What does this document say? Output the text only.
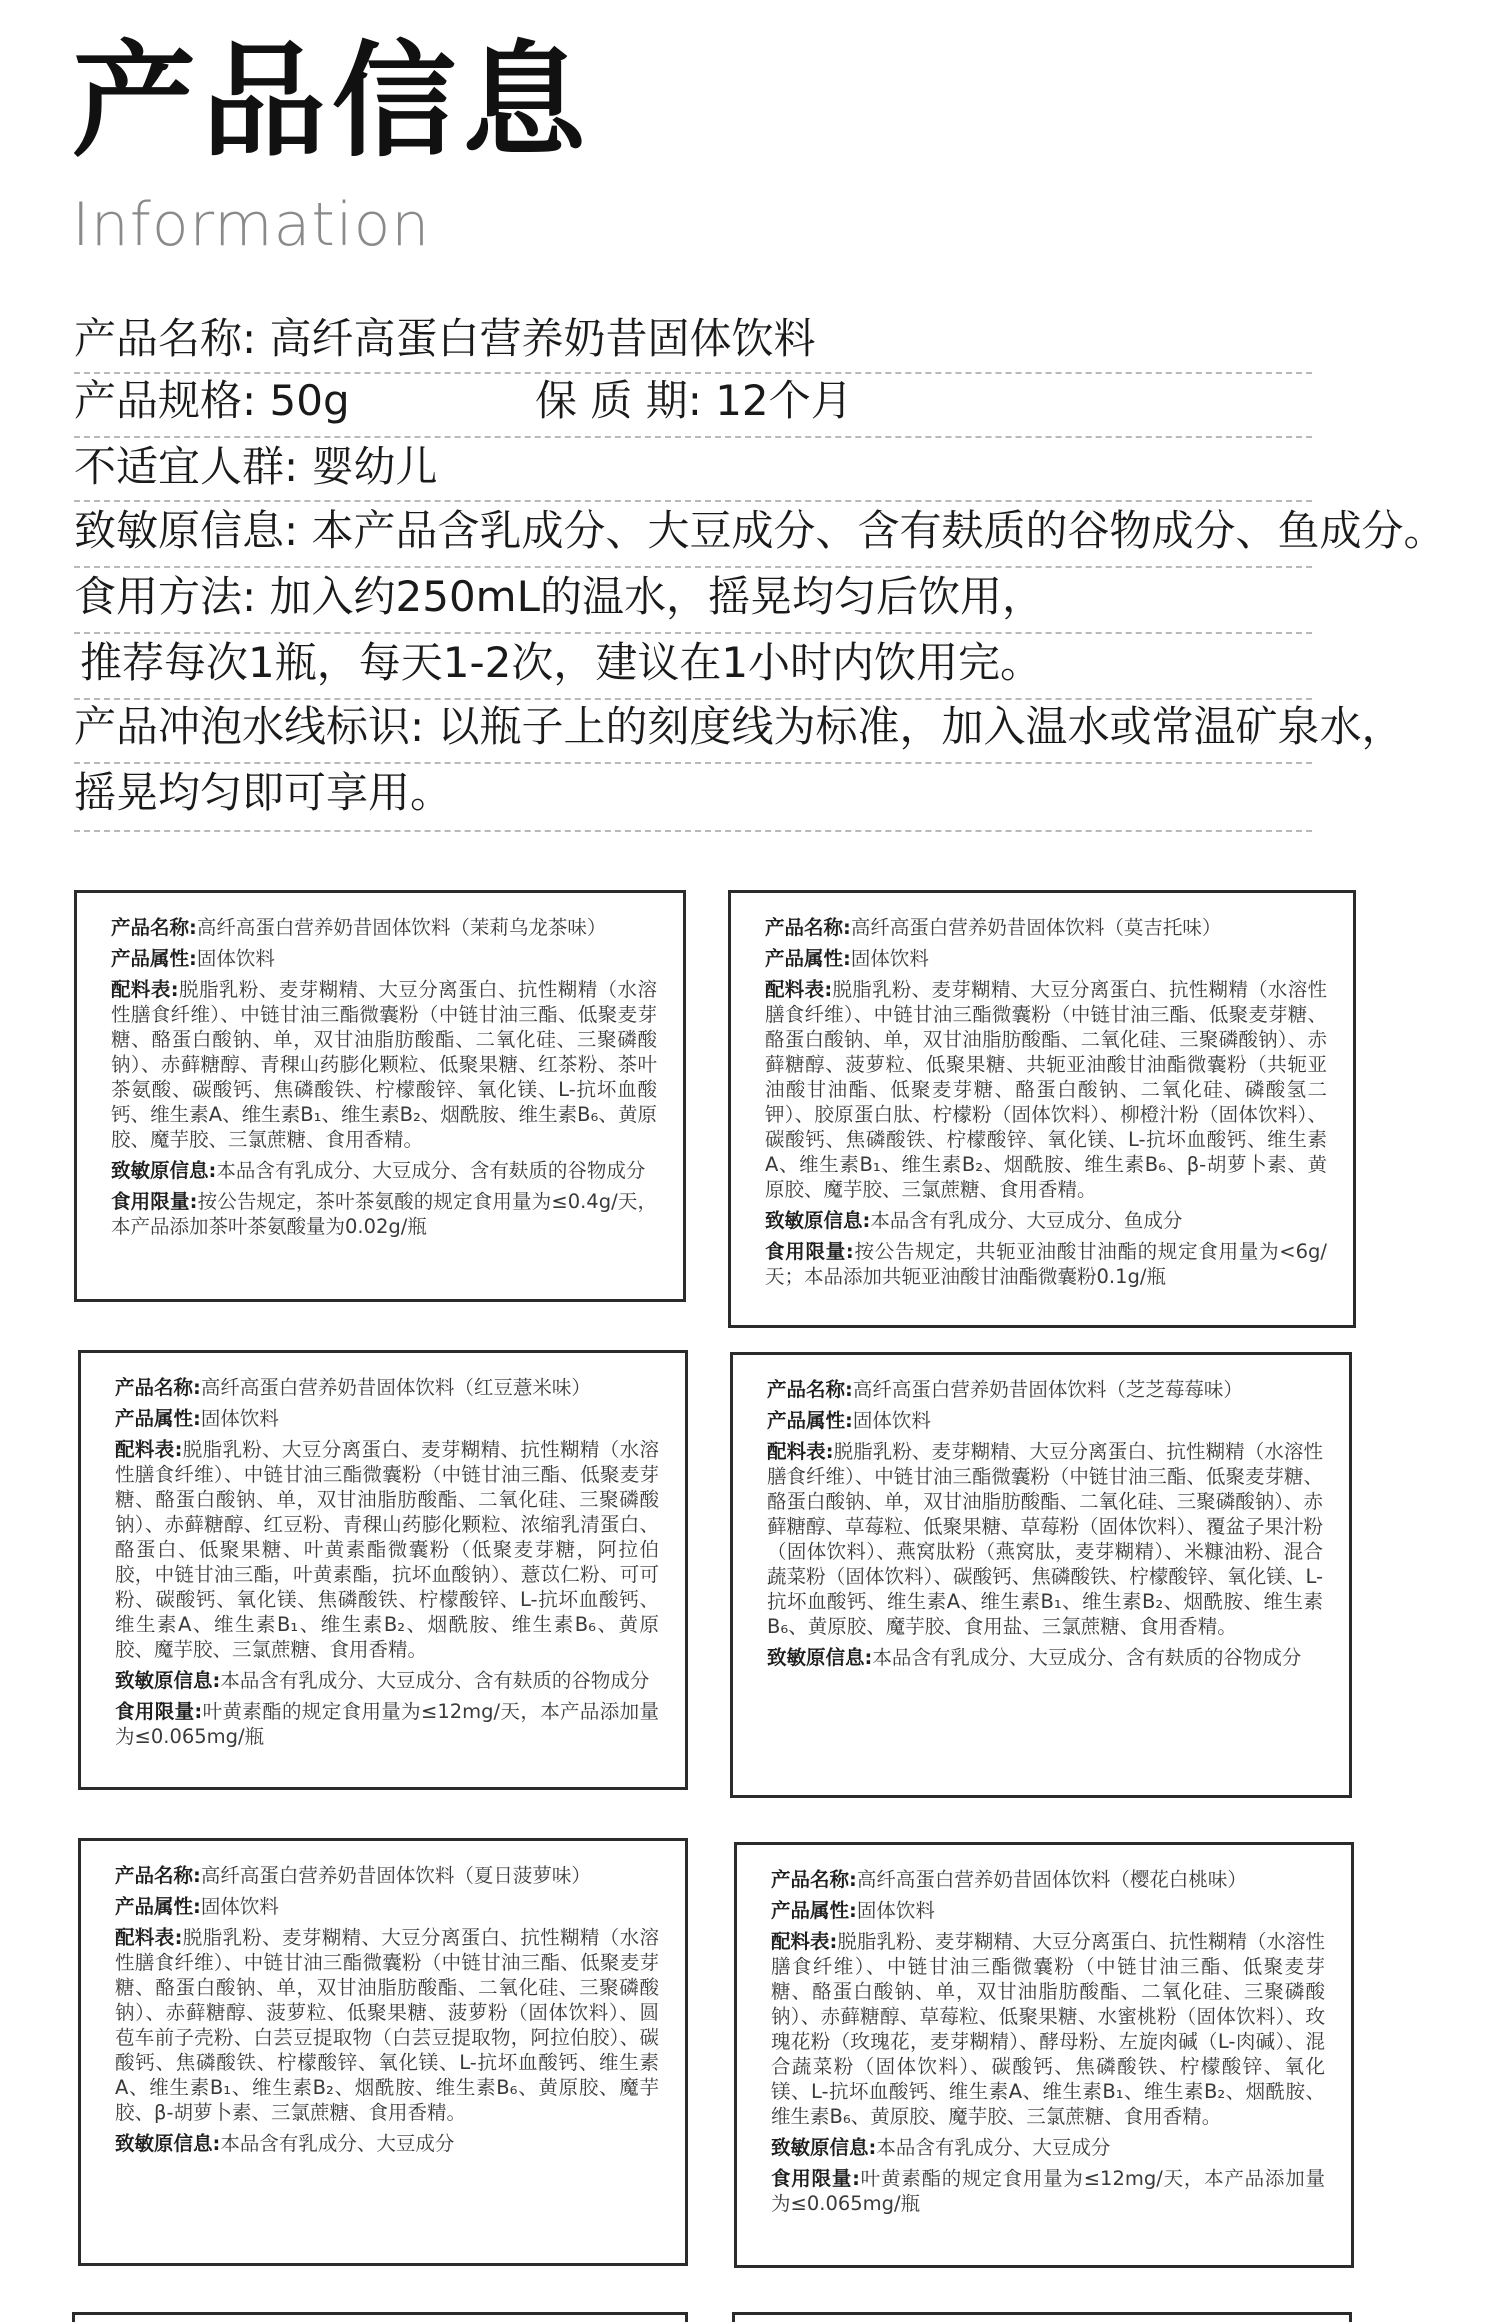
产品信息
Information
产品名称: 高纤高蛋白营养奶昔固体饮料
产品规格: 50g	保 质 期: 12个月
不适宜人群: 婴幼儿
致敏原信息: 本产品含乳成分、大豆成分、含有麸质的谷物成分、鱼成分。
食用方法: 加入约250mL的温水，摇晃均匀后饮用，
推荐每次1瓶，每天1-2次，建议在1小时内饮用完。
产品冲泡水线标识: 以瓶子上的刻度线为标准，加入温水或常温矿泉水，
摇晃均匀即可享用。

产品名称:高纤高蛋白营养奶昔固体饮料（茉莉乌龙茶味）

产品属性:固体饮料

配料表:脱脂乳粉、麦芽糊精、大豆分离蛋白、抗性糊精（水溶性膳食纤维）、中链甘油三酯微囊粉（中链甘油三酯、低聚麦芽糖、酪蛋白酸钠、单，双甘油脂肪酸酯、二氧化硅、三聚磷酸钠）、赤藓糖醇、青稞山药膨化颗粒、低聚果糖、红茶粉、茶叶茶氨酸、碳酸钙、焦磷酸铁、柠檬酸锌、氧化镁、L-抗坏血酸钙、维生素A、维生素B₁、维生素B₂、烟酰胺、维生素B₆、黄原胶、魔芋胶、三氯蔗糖、食用香精。

致敏原信息:本品含有乳成分、大豆成分、含有麸质的谷物成分

食用限量:按公告规定，茶叶茶氨酸的规定食用量为≤0.4g/天，本产品添加茶叶茶氨酸量为0.02g/瓶

产品名称:高纤高蛋白营养奶昔固体饮料（莫吉托味）

产品属性:固体饮料

配料表:脱脂乳粉、麦芽糊精、大豆分离蛋白、抗性糊精（水溶性膳食纤维）、中链甘油三酯微囊粉（中链甘油三酯、低聚麦芽糖、酪蛋白酸钠、单，双甘油脂肪酸酯、二氧化硅、三聚磷酸钠）、赤藓糖醇、菠萝粒、低聚果糖、共轭亚油酸甘油酯微囊粉（共轭亚油酸甘油酯、低聚麦芽糖、酪蛋白酸钠、二氧化硅、磷酸氢二钾）、胶原蛋白肽、柠檬粉（固体饮料）、柳橙汁粉（固体饮料）、碳酸钙、焦磷酸铁、柠檬酸锌、氧化镁、L-抗坏血酸钙、维生素A、维生素B₁、维生素B₂、烟酰胺、维生素B₆、β-胡萝卜素、黄原胶、魔芋胶、三氯蔗糖、食用香精。

致敏原信息:本品含有乳成分、大豆成分、鱼成分

食用限量:按公告规定，共轭亚油酸甘油酯的规定食用量为<6g/天；本品添加共轭亚油酸甘油酯微囊粉0.1g/瓶

产品名称:高纤高蛋白营养奶昔固体饮料（红豆薏米味）

产品属性:固体饮料

配料表:脱脂乳粉、大豆分离蛋白、麦芽糊精、抗性糊精（水溶性膳食纤维）、中链甘油三酯微囊粉（中链甘油三酯、低聚麦芽糖、酪蛋白酸钠、单，双甘油脂肪酸酯、二氧化硅、三聚磷酸钠）、赤藓糖醇、红豆粉、青稞山药膨化颗粒、浓缩乳清蛋白、酪蛋白、低聚果糖、叶黄素酯微囊粉（低聚麦芽糖，阿拉伯胶，中链甘油三酯，叶黄素酯，抗坏血酸钠）、薏苡仁粉、可可粉、碳酸钙、氧化镁、焦磷酸铁、柠檬酸锌、L-抗坏血酸钙、维生素A、维生素B₁、维生素B₂、烟酰胺、维生素B₆、黄原胶、魔芋胶、三氯蔗糖、食用香精。

致敏原信息:本品含有乳成分、大豆成分、含有麸质的谷物成分

食用限量:叶黄素酯的规定食用量为≤12mg/天，本产品添加量为≤0.065mg/瓶

产品名称:高纤高蛋白营养奶昔固体饮料（芝芝莓莓味）

产品属性:固体饮料

配料表:脱脂乳粉、麦芽糊精、大豆分离蛋白、抗性糊精（水溶性膳食纤维）、中链甘油三酯微囊粉（中链甘油三酯、低聚麦芽糖、酪蛋白酸钠、单，双甘油脂肪酸酯、二氧化硅、三聚磷酸钠）、赤藓糖醇、草莓粒、低聚果糖、草莓粉（固体饮料）、覆盆子果汁粉（固体饮料）、燕窝肽粉（燕窝肽，麦芽糊精）、米糠油粉、混合蔬菜粉（固体饮料）、碳酸钙、焦磷酸铁、柠檬酸锌、氧化镁、L-抗坏血酸钙、维生素A、维生素B₁、维生素B₂、烟酰胺、维生素B₆、黄原胶、魔芋胶、食用盐、三氯蔗糖、食用香精。

致敏原信息:本品含有乳成分、大豆成分、含有麸质的谷物成分

产品名称:高纤高蛋白营养奶昔固体饮料（夏日菠萝味）

产品属性:固体饮料

配料表:脱脂乳粉、麦芽糊精、大豆分离蛋白、抗性糊精（水溶性膳食纤维）、中链甘油三酯微囊粉（中链甘油三酯、低聚麦芽糖、酪蛋白酸钠、单，双甘油脂肪酸酯、二氧化硅、三聚磷酸钠）、赤藓糖醇、菠萝粒、低聚果糖、菠萝粉（固体饮料）、圆苞车前子壳粉、白芸豆提取物（白芸豆提取物，阿拉伯胶）、碳酸钙、焦磷酸铁、柠檬酸锌、氧化镁、L-抗坏血酸钙、维生素A、维生素B₁、维生素B₂、烟酰胺、维生素B₆、黄原胶、魔芋胶、β-胡萝卜素、三氯蔗糖、食用香精。

致敏原信息:本品含有乳成分、大豆成分

产品名称:高纤高蛋白营养奶昔固体饮料（樱花白桃味）

产品属性:固体饮料

配料表:脱脂乳粉、麦芽糊精、大豆分离蛋白、抗性糊精（水溶性膳食纤维）、中链甘油三酯微囊粉（中链甘油三酯、低聚麦芽糖、酪蛋白酸钠、单，双甘油脂肪酸酯、二氧化硅、三聚磷酸钠）、赤藓糖醇、草莓粒、低聚果糖、水蜜桃粉（固体饮料）、玫瑰花粉（玫瑰花，麦芽糊精）、酵母粉、左旋肉碱（L-肉碱）、混合蔬菜粉（固体饮料）、碳酸钙、焦磷酸铁、柠檬酸锌、氧化镁、L-抗坏血酸钙、维生素A、维生素B₁、维生素B₂、烟酰胺、维生素B₆、黄原胶、魔芋胶、三氯蔗糖、食用香精。

致敏原信息:本品含有乳成分、大豆成分

食用限量:叶黄素酯的规定食用量为≤12mg/天，本产品添加量为≤0.065mg/瓶
